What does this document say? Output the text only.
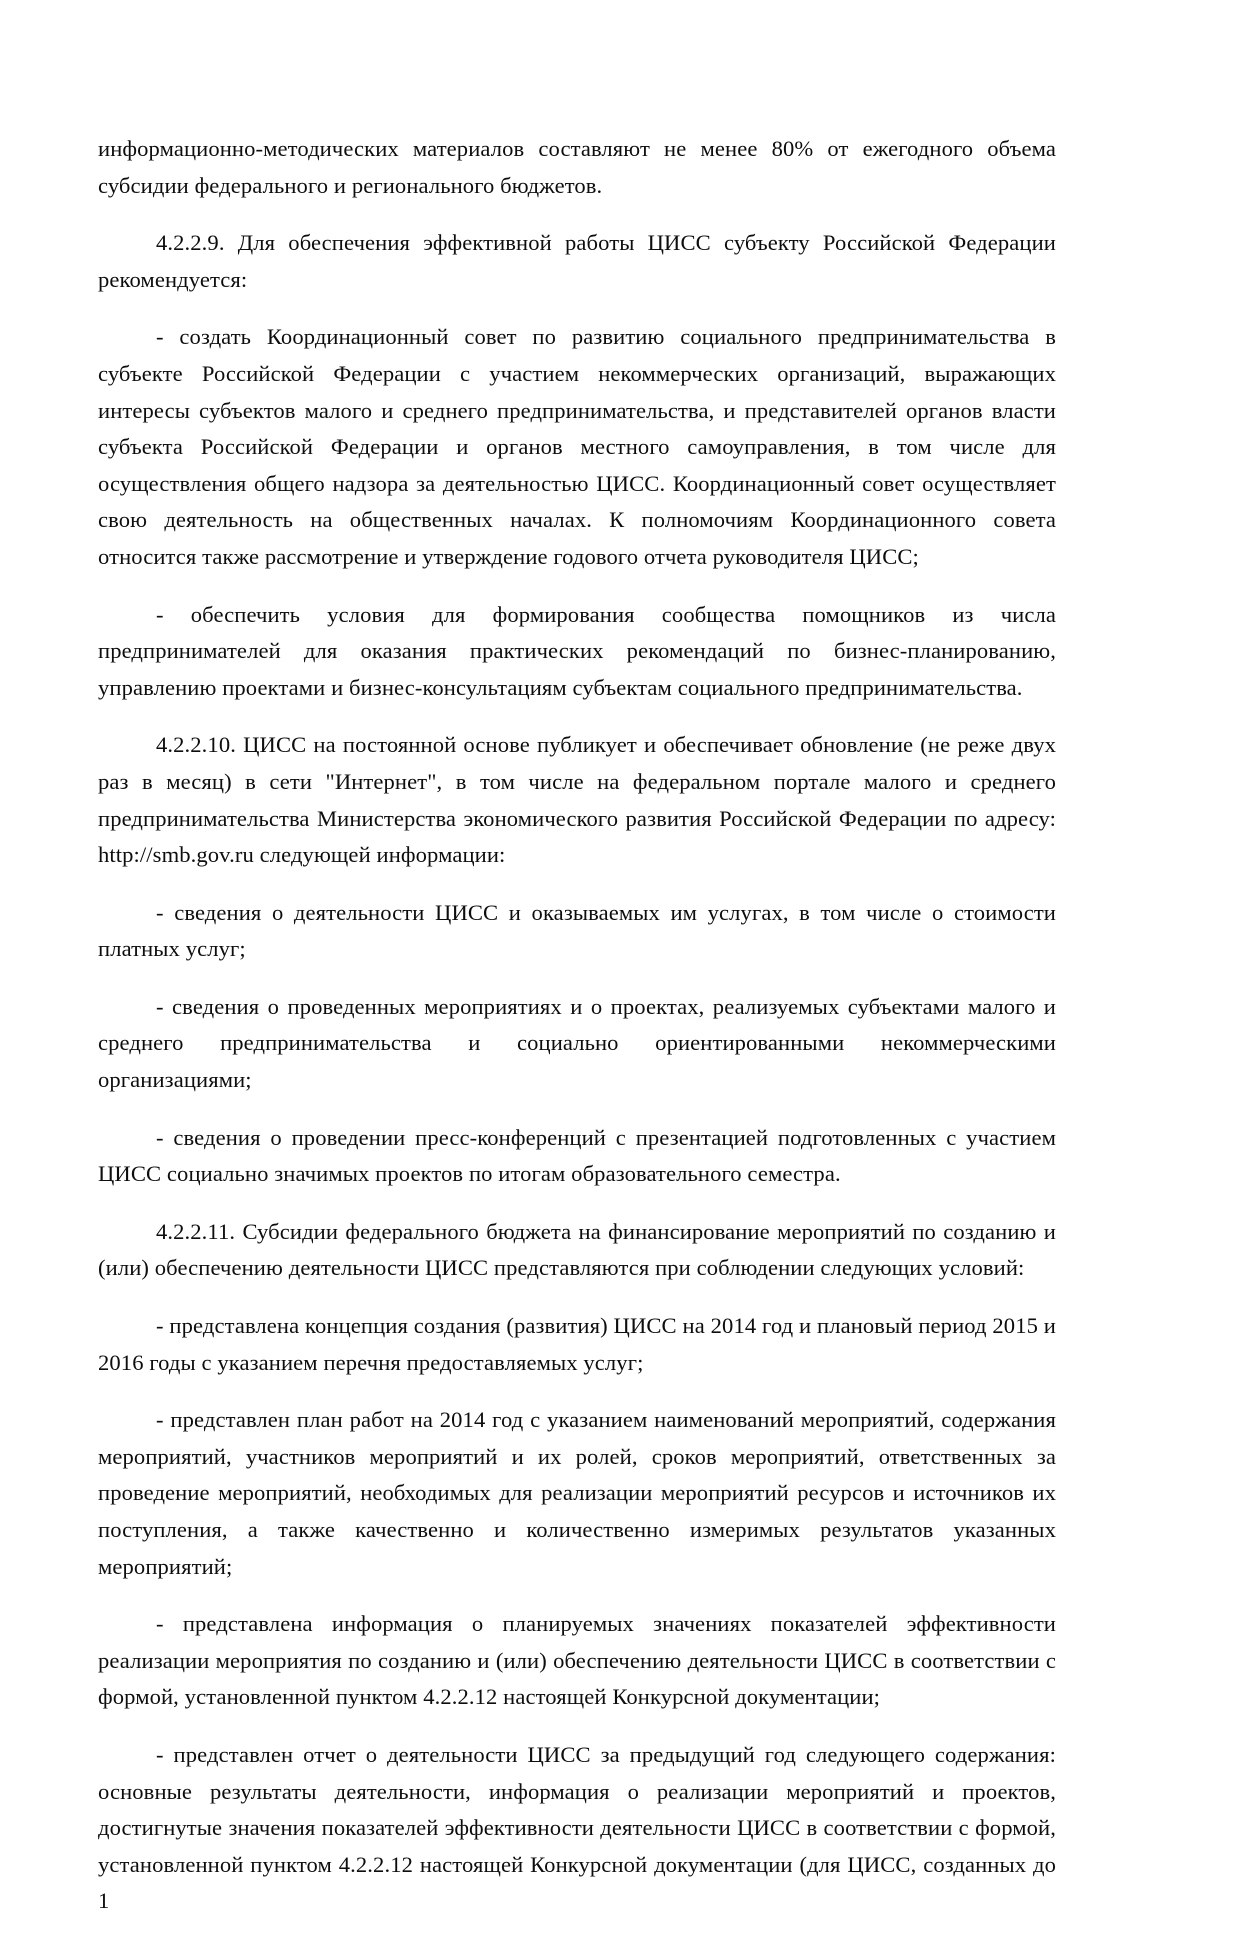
информационно-методических материалов составляют не менее 80% от ежегодного объема субсидии федерального и регионального бюджетов.

4.2.2.9. Для обеспечения эффективной работы ЦИСС субъекту Российской Федерации рекомендуется:

- создать Координационный совет по развитию социального предпринимательства в субъекте Российской Федерации с участием некоммерческих организаций, выражающих интересы субъектов малого и среднего предпринимательства, и представителей органов власти субъекта Российской Федерации и органов местного самоуправления, в том числе для осуществления общего надзора за деятельностью ЦИСС. Координационный совет осуществляет свою деятельность на общественных началах. К полномочиям Координационного совета относится также рассмотрение и утверждение годового отчета руководителя ЦИСС;

- обеспечить условия для формирования сообщества помощников из числа предпринимателей для оказания практических рекомендаций по бизнес-планированию, управлению проектами и бизнес-консультациям субъектам социального предпринимательства.

4.2.2.10. ЦИСС на постоянной основе публикует и обеспечивает обновление (не реже двух раз в месяц) в сети "Интернет", в том числе на федеральном портале малого и среднего предпринимательства Министерства экономического развития Российской Федерации по адресу: http://smb.gov.ru следующей информации:

- сведения о деятельности ЦИСС и оказываемых им услугах, в том числе о стоимости платных услуг;

- сведения о проведенных мероприятиях и о проектах, реализуемых субъектами малого и среднего предпринимательства и социально ориентированными некоммерческими организациями;

- сведения о проведении пресс-конференций с презентацией подготовленных с участием ЦИСС социально значимых проектов по итогам образовательного семестра.

4.2.2.11. Субсидии федерального бюджета на финансирование мероприятий по созданию и (или) обеспечению деятельности ЦИСС представляются при соблюдении следующих условий:

- представлена концепция создания (развития) ЦИСС на 2014 год и плановый период 2015 и 2016 годы с указанием перечня предоставляемых услуг;

- представлен план работ на 2014 год с указанием наименований мероприятий, содержания мероприятий, участников мероприятий и их ролей, сроков мероприятий, ответственных за проведение мероприятий, необходимых для реализации мероприятий ресурсов и источников их поступления, а также качественно и количественно измеримых результатов указанных мероприятий;

- представлена информация о планируемых значениях показателей эффективности реализации мероприятия по созданию и (или) обеспечению деятельности ЦИСС в соответствии с формой, установленной пунктом 4.2.2.12 настоящей Конкурсной документации;

- представлен отчет о деятельности ЦИСС за предыдущий год следующего содержания: основные результаты деятельности, информация о реализации мероприятий и проектов, достигнутые значения показателей эффективности деятельности ЦИСС в соответствии с формой, установленной пунктом 4.2.2.12 настоящей Конкурсной документации (для ЦИСС, созданных до 1
